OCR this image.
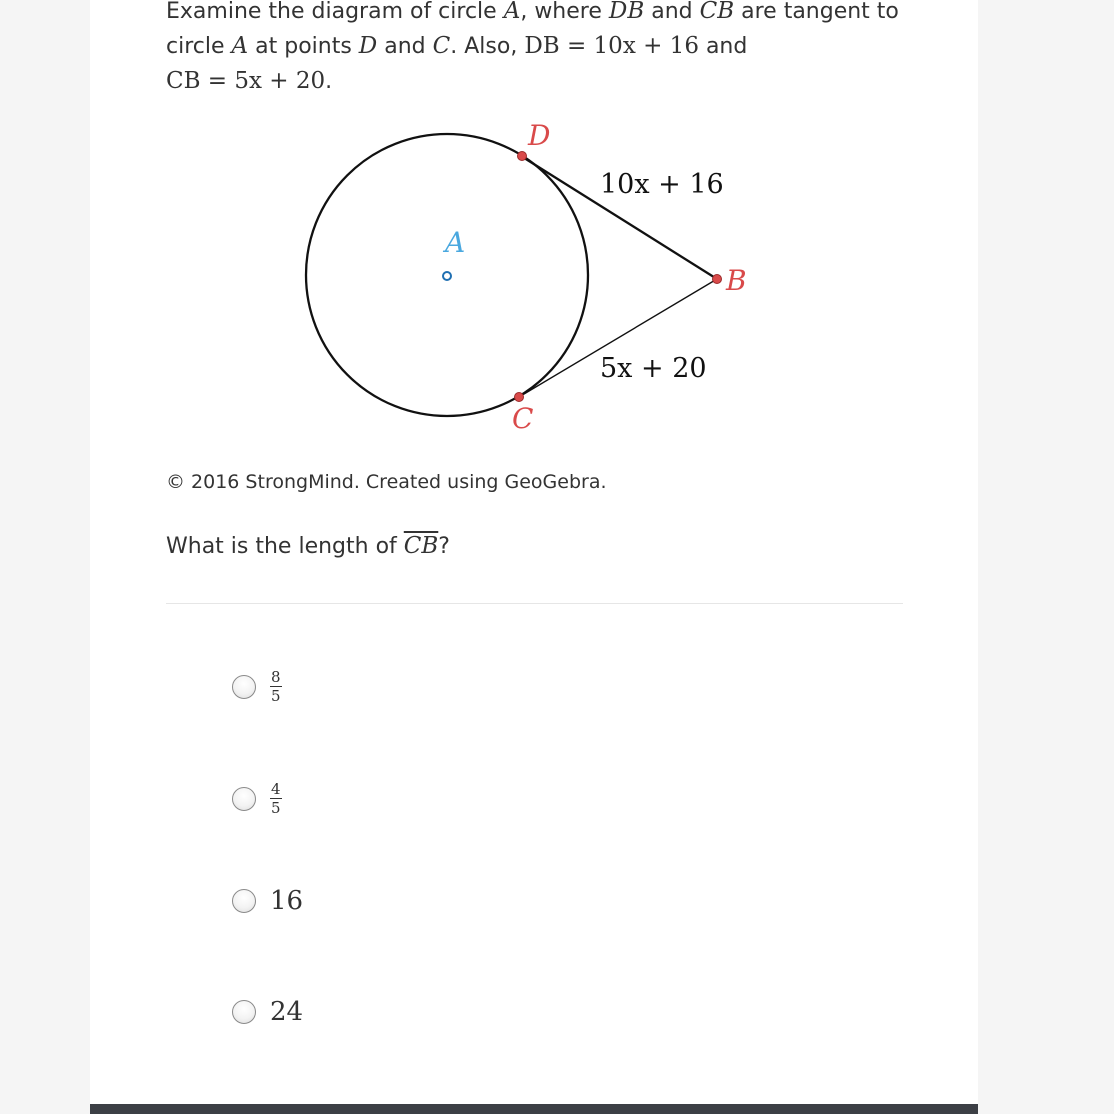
Examine the diagram of circle A, where DB and CB are tangent to circle A at points D and C. Also, DB = 10x + 16 and
CB = 5x + 20.
A
D
B
C
10x + 16
5x + 20
© 2016 StrongMind. Created using GeoGebra.
What is the length of $\overline{CB}$?
$\frac{8}{5}$
$\frac{4}{5}$
16
24
